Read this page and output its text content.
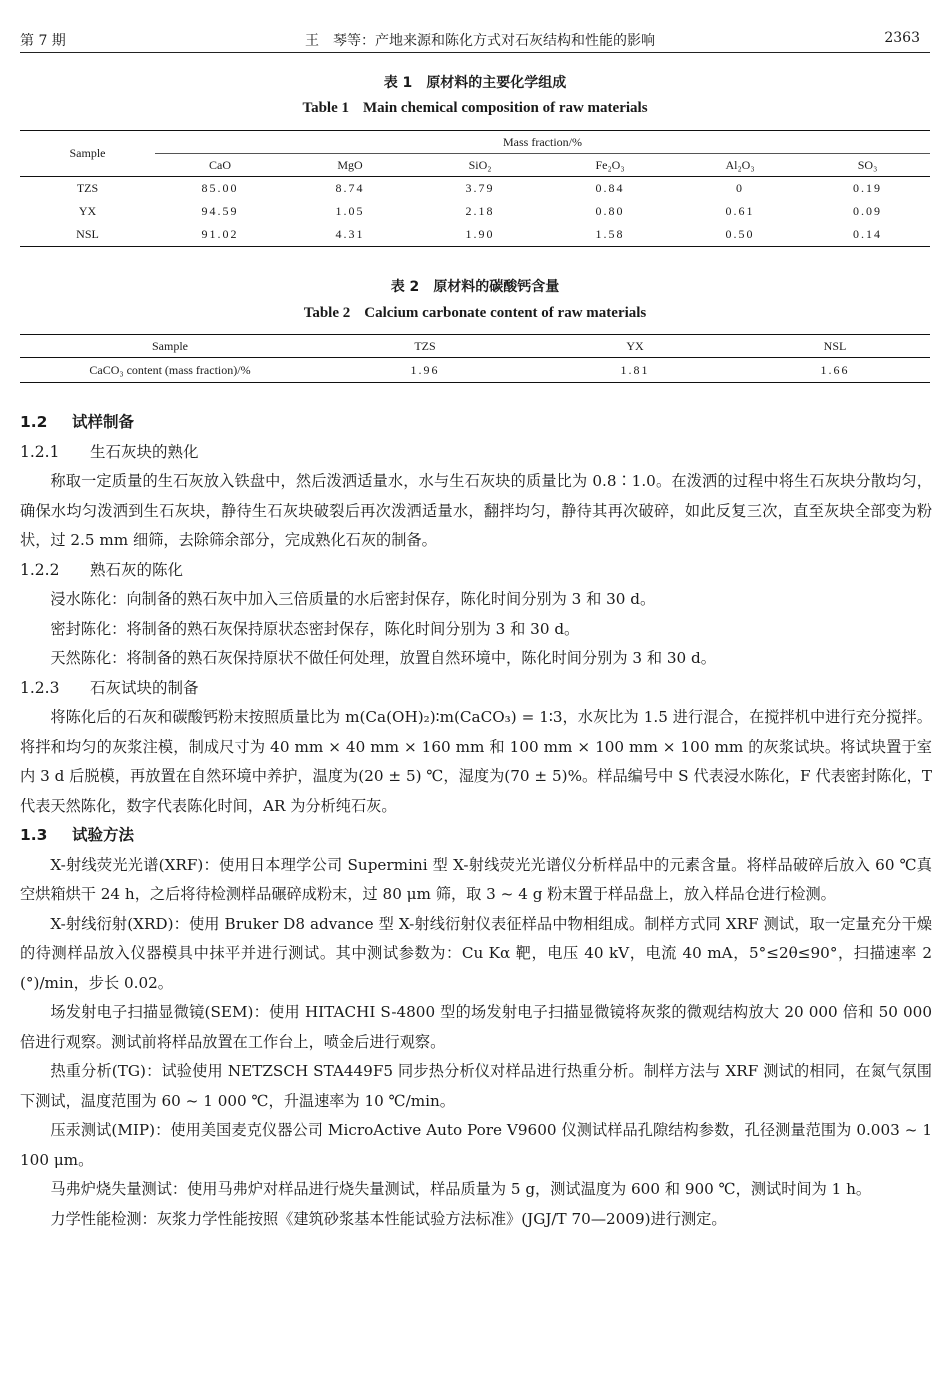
第 7 期	王　琴等：产地来源和陈化方式对石灰结构和性能的影响	2363
表 1 原材料的主要化学组成
Table 1 Main chemical composition of raw materials
Sample	Mass fraction/%					
	CaO	MgO	SiO₂	Fe₂O₃	Al₂O₃	SO₃
TZS	85.00	8.74	3.79	0.84	0	0.19
YX	94.59	1.05	2.18	0.80	0.61	0.09
NSL	91.02	4.31	1.90	1.58	0.50	0.14
表 2 原材料的碳酸钙含量
Table 2 Calcium carbonate content of raw materials
Sample	TZS	YX	NSL
CaCO₃ content (mass fraction)/%	1.96	1.81	1.66
1.2 试样制备
1.2.1 生石灰块的熟化

称取一定质量的生石灰放入铁盘中，然后泼洒适量水，水与生石灰块的质量比为 0.8∶1.0。在泼洒的过程中将生石灰块分散均匀，确保水均匀泼洒到生石灰块，静待生石灰块破裂后再次泼洒适量水，翻拌均匀，静待其再次破碎，如此反复三次，直至灰块全部变为粉状，过 2.5 mm 细筛，去除筛余部分，完成熟化石灰的制备。

1.2.2 熟石灰的陈化

浸水陈化：向制备的熟石灰中加入三倍质量的水后密封保存，陈化时间分别为 3 和 30 d。

密封陈化：将制备的熟石灰保持原状态密封保存，陈化时间分别为 3 和 30 d。

天然陈化：将制备的熟石灰保持原状不做任何处理，放置自然环境中，陈化时间分别为 3 和 30 d。

1.2.3 石灰试块的制备

将陈化后的石灰和碳酸钙粉末按照质量比为 m(Ca(OH)₂)∶m(CaCO₃) = 1∶3，水灰比为 1.5 进行混合，在搅拌机中进行充分搅拌。将拌和均匀的灰浆注模，制成尺寸为 40 mm × 40 mm × 160 mm 和 100 mm × 100 mm × 100 mm 的灰浆试块。将试块置于室内 3 d 后脱模，再放置在自然环境中养护，温度为(20 ± 5) ℃，湿度为(70 ± 5)%。样品编号中 S 代表浸水陈化，F 代表密封陈化，T 代表天然陈化，数字代表陈化时间，AR 为分析纯石灰。

1.3 试验方法

X-射线荧光光谱(XRF)：使用日本理学公司 Supermini 型 X-射线荧光光谱仪分析样品中的元素含量。将样品破碎后放入 60 ℃真空烘箱烘干 24 h，之后将待检测样品碾碎成粉末，过 80 μm 筛，取 3 ~ 4 g 粉末置于样品盘上，放入样品仓进行检测。

X-射线衍射(XRD)：使用 Bruker D8 advance 型 X-射线衍射仪表征样品中物相组成。制样方式同 XRF 测试，取一定量充分干燥的待测样品放入仪器模具中抹平并进行测试。其中测试参数为：Cu Kα 靶，电压 40 kV，电流 40 mA，5°≤2θ≤90°，扫描速率 2 (°)/min，步长 0.02。

场发射电子扫描显微镜(SEM)：使用 HITACHI S-4800 型的场发射电子扫描显微镜将灰浆的微观结构放大 20 000 倍和 50 000 倍进行观察。测试前将样品放置在工作台上，喷金后进行观察。

热重分析(TG)：试验使用 NETZSCH STA449F5 同步热分析仪对样品进行热重分析。制样方法与 XRF 测试的相同，在氮气氛围下测试，温度范围为 60 ~ 1 000 ℃，升温速率为 10 ℃/min。

压汞测试(MIP)：使用美国麦克仪器公司 MicroActive Auto Pore V9600 仪测试样品孔隙结构参数，孔径测量范围为 0.003 ~ 1 100 μm。

马弗炉烧失量测试：使用马弗炉对样品进行烧失量测试，样品质量为 5 g，测试温度为 600 和 900 ℃，测试时间为 1 h。

力学性能检测：灰浆力学性能按照《建筑砂浆基本性能试验方法标准》(JGJ/T 70—2009)进行测定。
